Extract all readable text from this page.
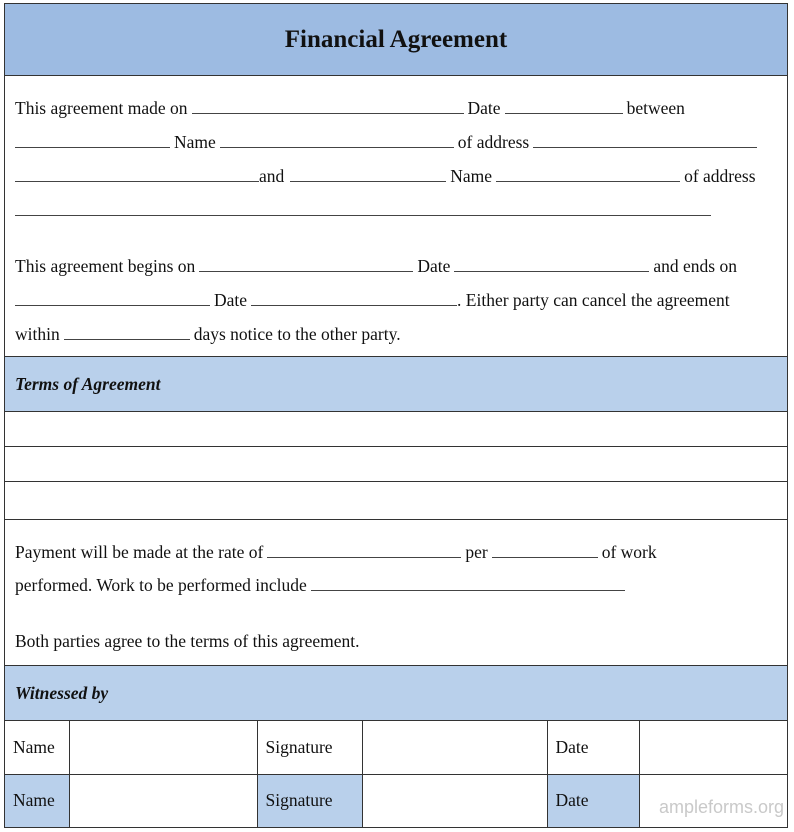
Financial Agreement
This agreement made on	Date	between
Name	of address
and	Name	of address
This agreement begins on	Date	and ends on
Date	. Either party can cancel the agreement
within	days notice to the other party.
Terms of Agreement
Payment will be made at the rate of	per	of work
performed. Work to be performed include
Both parties agree to the terms of this agreement.
Witnessed by
Name		Signature		Date	
Name		Signature		Date		ampleforms.org
